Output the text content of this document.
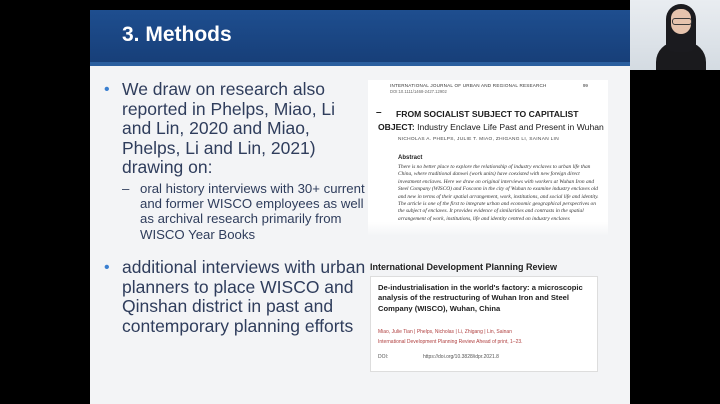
3. Methods
• We draw on research also reported in Phelps, Miao, Li and Lin, 2020 and Miao, Phelps, Li and Lin, 2021) drawing on:
– oral history interviews with 30+ current and former WISCO employees as well as archival research primarily from WISCO Year Books
• additional interviews with urban planners to place WISCO and Qinshan district in past and contemporary planning efforts
INTERNATIONAL JOURNAL OF URBAN AND REGIONAL RESEARCH
DOI:10.1111/1468-2427.12902
99
– FROM SOCIALIST SUBJECT TO CAPITALIST
OBJECT: Industry Enclave Life Past and Present in Wuhan
NICHOLAS A. PHELPS, JULIE T. MIAO, ZHIGANG LI, SAINAN LIN
Abstract
There is no better place to explore the relationship of industry enclaves to urban life than China, where traditional danwei (work units) have coexisted with new foreign direct investment enclaves. Here we draw on original interviews with workers at Wuhan Iron and Steel Company (WISCO) and Foxconn in the city of Wuhan to examine industry enclaves old and new in terms of their spatial arrangement, work, institutions, and social life and identity. The article is one of the first to integrate urban and economic geographical perspectives on the subject of enclaves. It provides evidence of similarities and contrasts in the spatial arrangement of work, institutions, life and identity centred on industry enclaves
International Development Planning Review
De-industrialisation in the world's factory: a microscopic analysis of the restructuring of Wuhan Iron and Steel Company (WISCO), Wuhan, China
Miao, Julie Tian | Phelps, Nicholas | Li, Zhigang | Lin, Sainan
International Development Planning Review Ahead of print, 1–23.
DOI:	https://doi.org/10.3828/idpr.2021.8
